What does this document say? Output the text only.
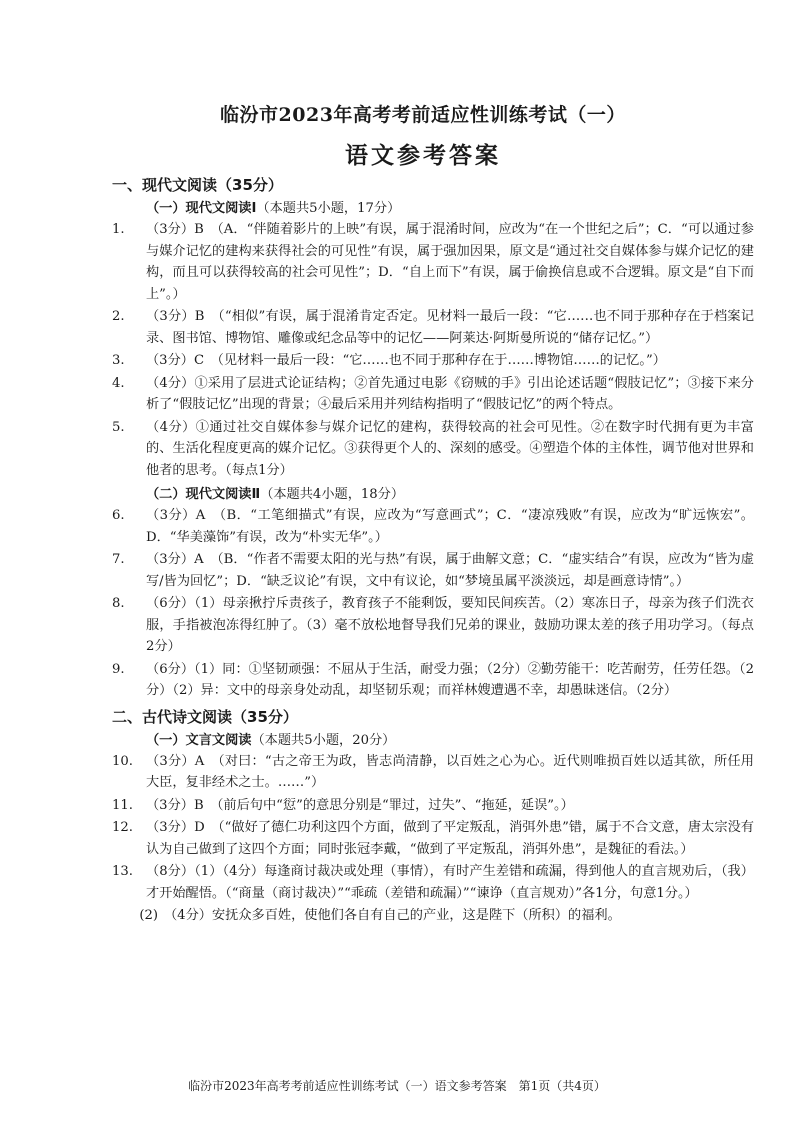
临汾市2023年高考考前适应性训练考试（一）
语文参考答案
一、现代文阅读（35分）
（一）现代文阅读Ⅰ（本题共5小题，17分）
1.	（3分）B　（A．“伴随着影片的上映”有误，属于混淆时间，应改为“在一个世纪之后”；C．“可以通过参与媒介记忆的建构来获得社会的可见性”有误，属于强加因果，原文是“通过社交自媒体参与媒介记忆的建构，而且可以获得较高的社会可见性”；D．“自上而下”有误，属于偷换信息或不合逻辑。原文是“自下而上”。）
2.	（3分）B　（“相似”有误，属于混淆肯定否定。见材料一最后一段：“它……也不同于那种存在于档案记录、图书馆、博物馆、雕像或纪念品等中的记忆——阿莱达·阿斯曼所说的“储存记忆。”）
3.	（3分）C　（见材料一最后一段：“它……也不同于那种存在于……博物馆……的记忆。”）
4.	（4分）①采用了层进式论证结构；②首先通过电影《窃贼的手》引出论述话题“假肢记忆”；③接下来分析了“假肢记忆”出现的背景；④最后采用并列结构指明了“假肢记忆”的两个特点。
5.	（4分）①通过社交自媒体参与媒介记忆的建构，获得较高的社会可见性。②在数字时代拥有更为丰富的、生活化程度更高的媒介记忆。③获得更个人的、深刻的感受。④塑造个体的主体性，调节他对世界和他者的思考。（每点1分）
（二）现代文阅读Ⅱ（本题共4小题，18分）
6.	（3分）A　（B．“工笔细描式”有误，应改为“写意画式”；C．“凄凉残败”有误，应改为“旷远恢宏”。D．“华美藻饰”有误，改为“朴实无华”。）
7.	（3分）A　（B．“作者不需要太阳的光与热”有误，属于曲解文意；C．“虚实结合”有误，应改为“皆为虚写/皆为回忆”；D．“缺乏议论”有误，文中有议论，如“梦境虽属平淡淡远，却是画意诗情”。）
8.	（6分）（1）母亲揪拧斥责孩子，教育孩子不能剩饭，要知民间疾苦。（2）寒冻日子，母亲为孩子们洗衣服，手指被泡冻得红肿了。（3）毫不放松地督导我们兄弟的课业，鼓励功课太差的孩子用功学习。（每点2分）
9.	（6分）（1）同：①坚韧顽强：不屈从于生活，耐受力强；（2分）②勤劳能干：吃苦耐劳，任劳任怨。（2分）（2）异：文中的母亲身处动乱，却坚韧乐观；而祥林嫂遭遇不幸，却愚昧迷信。（2分）
二、古代诗文阅读（35分）
（一）文言文阅读（本题共5小题，20分）
10. （3分）A　（对曰：“古之帝王为政，皆志尚清静，以百姓之心为心。近代则唯损百姓以适其欲，所任用大臣，复非经术之士。……”）
11. （3分）B　（前后句中“愆”的意思分别是“罪过，过失”、“拖延，延误”。）
12. （3分）D　（“做好了德仁功利这四个方面，做到了平定叛乱，消弭外患”错，属于不合文意，唐太宗没有认为自己做到了这四个方面；同时张冠李戴，“做到了平定叛乱，消弭外患”，是魏征的看法。）
13. （8分）（1）（4分）每逢商讨裁决或处理（事情），有时产生差错和疏漏，得到他人的直言规劝后，（我）才开始醒悟。（“商量（商讨裁决）”“乖疏（差错和疏漏）”“谏诤（直言规劝）”各1分，句意1分。）
(2) （4分）安抚众多百姓，使他们各自有自己的产业，这是陛下（所积）的福利。
临汾市2023年高考考前适应性训练考试（一）语文参考答案　第1页（共4页）
